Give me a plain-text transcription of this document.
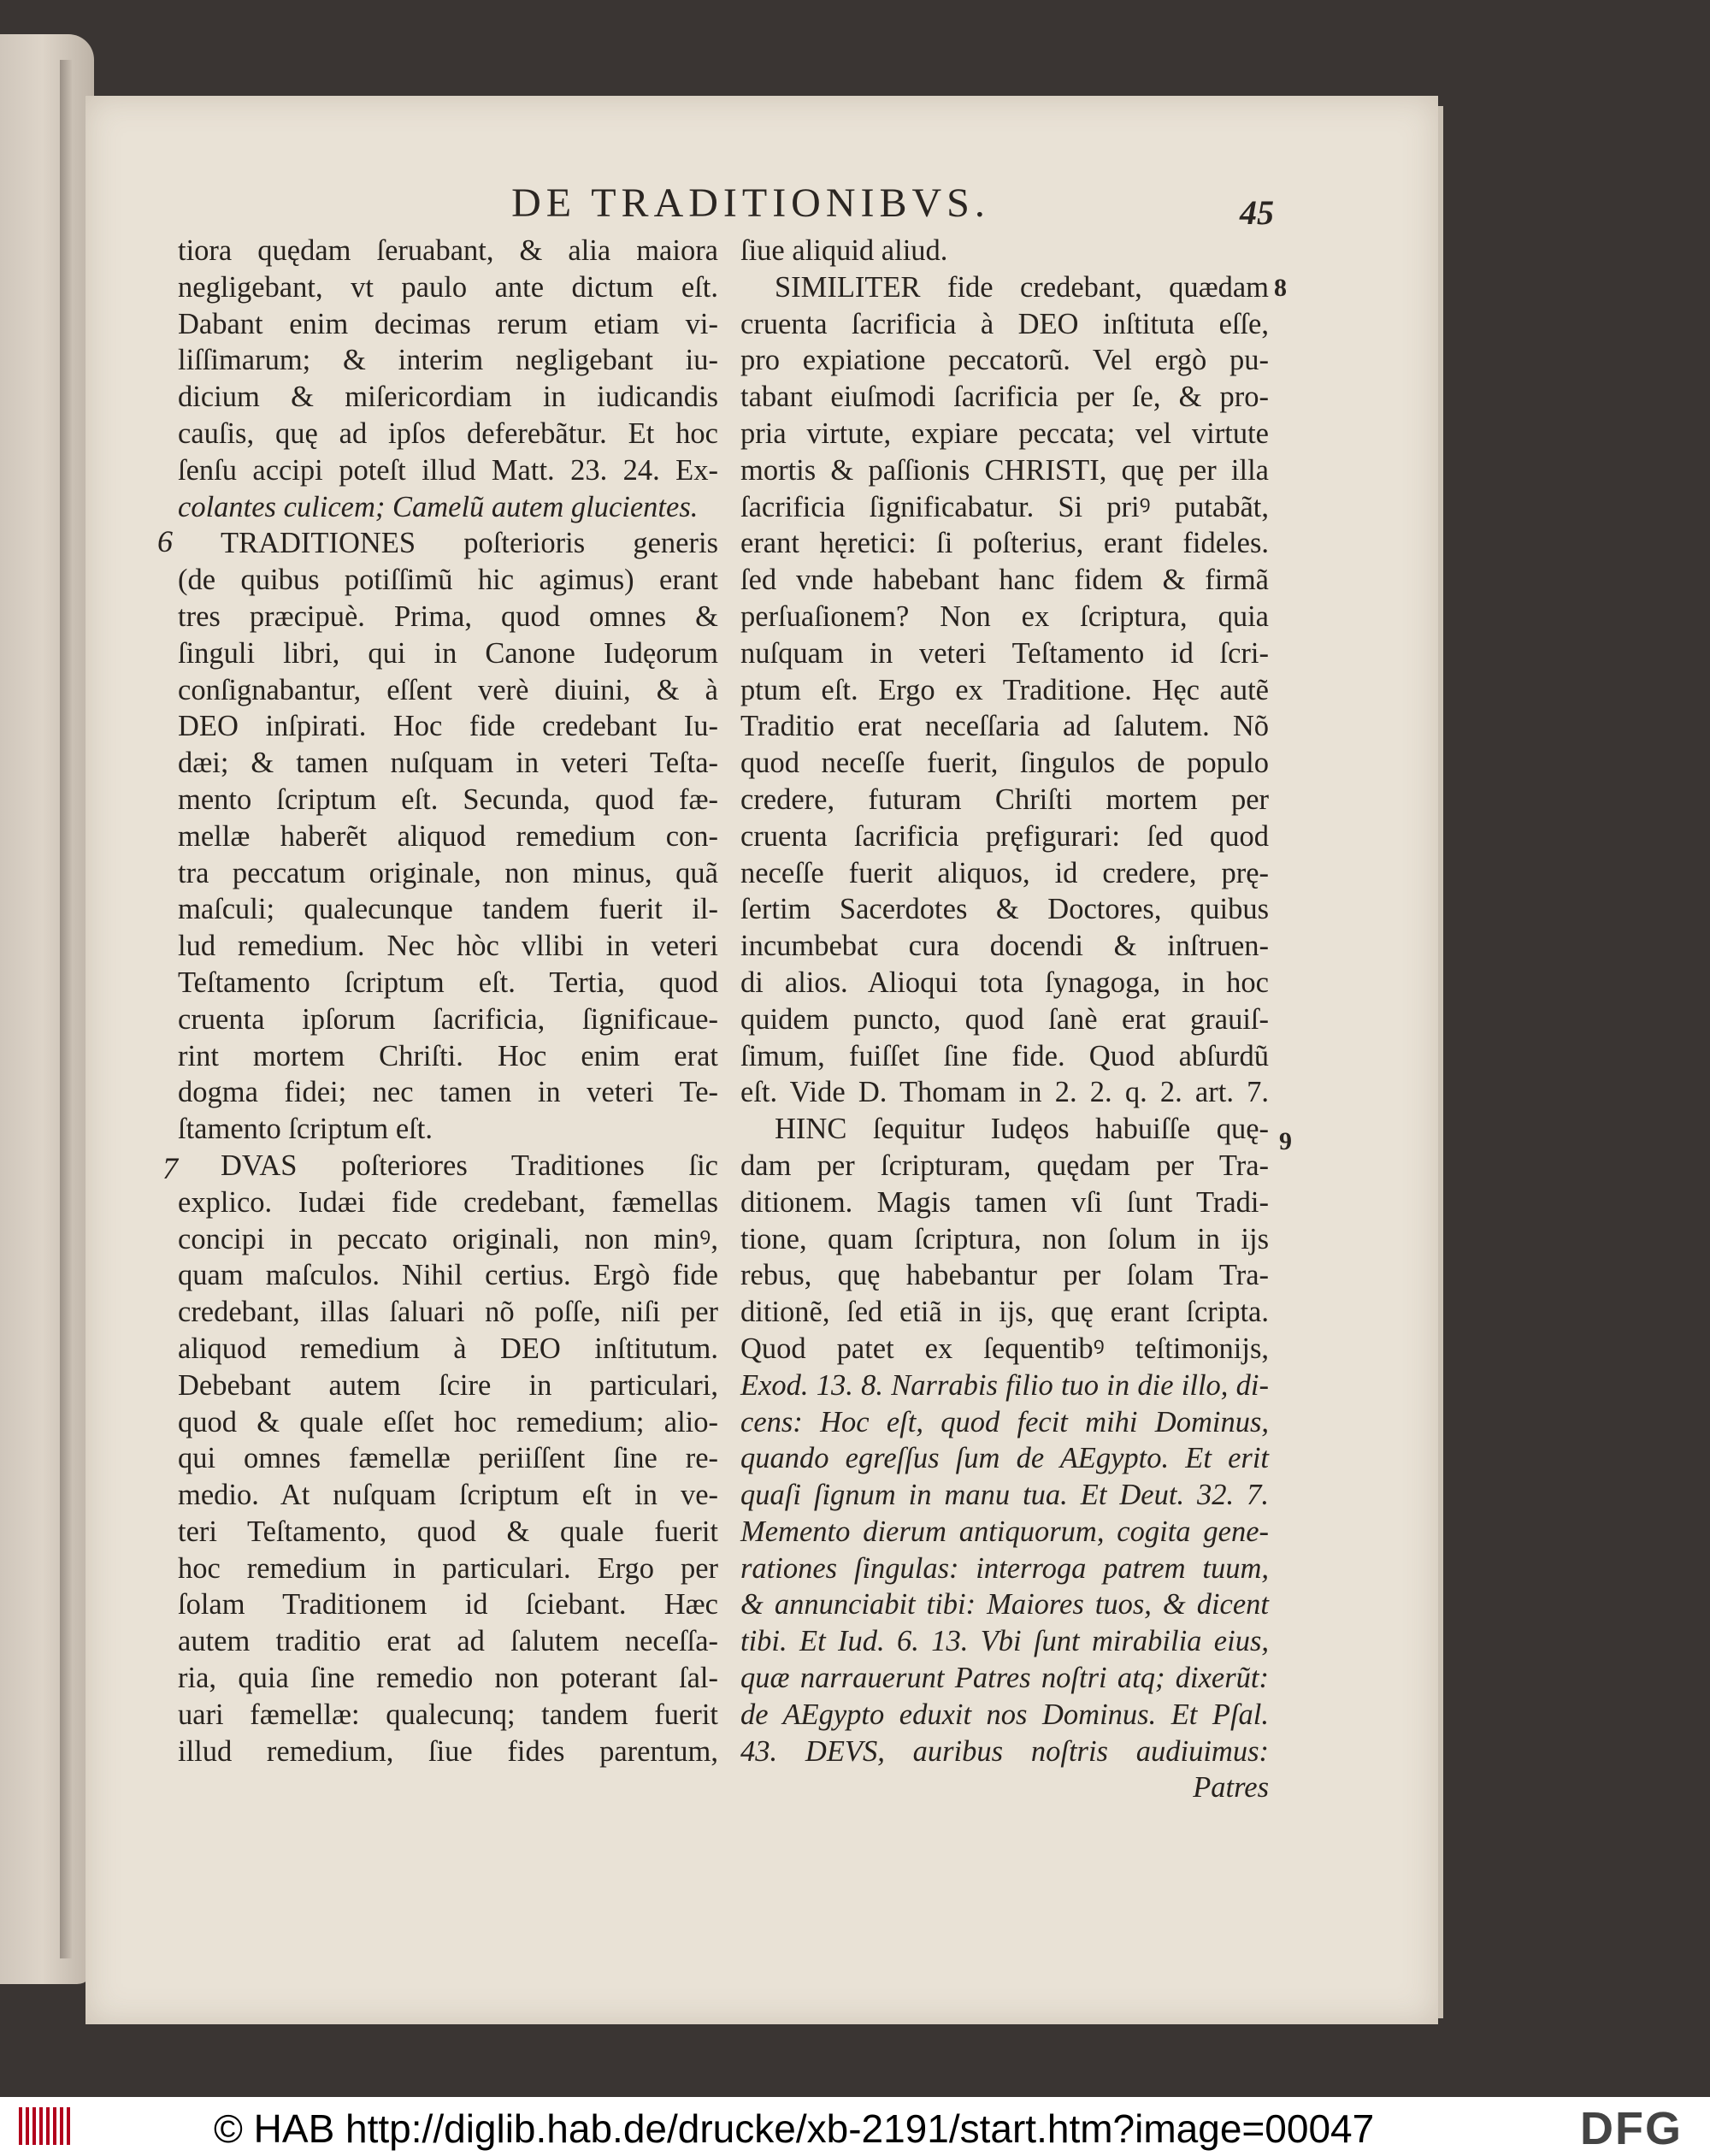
DE TRADITIONIBVS.	45
6
7
8
9
tiora quędam ſeruabant, & alia maiora
negligebant, vt paulo ante dictum eſt.
Dabant enim decimas rerum etiam vi-
liſſimarum; & interim negligebant iu-
dicium & miſericordiam in iudicandis
cauſis, quę ad ipſos deferebãtur. Et hoc
ſenſu accipi poteſt illud Matt. 23. 24. Ex-
colantes culicem; Camelũ autem glucientes.
TRADITIONES poſterioris generis
(de quibus potiſſimũ hic agimus) erant
tres præcipuè. Prima, quod omnes &
ſinguli libri, qui in Canone Iudęorum
conſignabantur, eſſent verè diuini, & à
DEO inſpirati. Hoc fide credebant Iu-
dæi; & tamen nuſquam in veteri Teſta-
mento ſcriptum eſt. Secunda, quod fæ-
mellæ haberẽt aliquod remedium con-
tra peccatum originale, non minus, quã
maſculi; qualecunque tandem fuerit il-
lud remedium. Nec hòc vllibi in veteri
Teſtamento ſcriptum eſt. Tertia, quod
cruenta ipſorum ſacrificia, ſignificaue-
rint mortem Chriſti. Hoc enim erat
dogma fidei; nec tamen in veteri Te-
ſtamento ſcriptum eſt.
DVAS poſteriores Traditiones ſic
explico. Iudæi fide credebant, fæmellas
concipi in peccato originali, non minꝰ,
quam maſculos. Nihil certius. Ergò fide
credebant, illas ſaluari nõ poſſe, niſi per
aliquod remedium à DEO inſtitutum.
Debebant autem ſcire in particulari,
quod & quale eſſet hoc remedium; alio-
qui omnes fæmellæ periiſſent ſine re-
medio. At nuſquam ſcriptum eſt in ve-
teri Teſtamento, quod & quale fuerit
hoc remedium in particulari. Ergo per
ſolam Traditionem id ſciebant. Hæc
autem traditio erat ad ſalutem neceſſa-
ria, quia ſine remedio non poterant ſal-
uari fæmellæ: qualecunq; tandem fuerit
illud remedium, ſiue fides parentum,
ſiue aliquid aliud.
SIMILITER fide credebant, quædam
cruenta ſacrificia à DEO inſtituta eſſe,
pro expiatione peccatorũ. Vel ergò pu-
tabant eiuſmodi ſacrificia per ſe, & pro-
pria virtute, expiare peccata; vel virtute
mortis & paſſionis CHRISTI, quę per illa
ſacrificia ſignificabatur. Si priꝰ putabãt,
erant hęretici: ſi poſterius, erant fideles.
ſed vnde habebant hanc fidem & firmã
perſuaſionem? Non ex ſcriptura, quia
nuſquam in veteri Teſtamento id ſcri-
ptum eſt. Ergo ex Traditione. Hęc autẽ
Traditio erat neceſſaria ad ſalutem. Nõ
quod neceſſe fuerit, ſingulos de populo
credere, futuram Chriſti mortem per
cruenta ſacrificia pręfigurari: ſed quod
neceſſe fuerit aliquos, id credere, prę-
ſertim Sacerdotes & Doctores, quibus
incumbebat cura docendi & inſtruen-
di alios. Alioqui tota ſynagoga, in hoc
quidem puncto, quod ſanè erat grauiſ-
ſimum, fuiſſet ſine fide. Quod abſurdũ
eſt. Vide D. Thomam in 2. 2. q. 2. art. 7.
HINC ſequitur Iudęos habuiſſe quę-
dam per ſcripturam, quędam per Tra-
ditionem. Magis tamen vſi ſunt Tradi-
tione, quam ſcriptura, non ſolum in ijs
rebus, quę habebantur per ſolam Tra-
ditionẽ, ſed etiã in ijs, quę erant ſcripta.
Quod patet ex ſequentibꝰ teſtimonijs,
Exod. 13. 8. Narrabis filio tuo in die illo, di-
cens: Hoc eſt, quod fecit mihi Dominus,
quando egreſſus ſum de AEgypto. Et erit
quaſi ſignum in manu tua. Et Deut. 32. 7.
Memento dierum antiquorum, cogita gene-
rationes ſingulas: interroga patrem tuum,
& annunciabit tibi: Maiores tuos, & dicent
tibi. Et Iud. 6. 13. Vbi ſunt mirabilia eius,
quæ narrauerunt Patres noſtri atq; dixerũt:
de AEgypto eduxit nos Dominus. Et Pſal.
43. DEVS, auribus noſtris audiuimus:
Patres
© HAB http://diglib.hab.de/drucke/xb-2191/start.htm?image=00047	DFG
